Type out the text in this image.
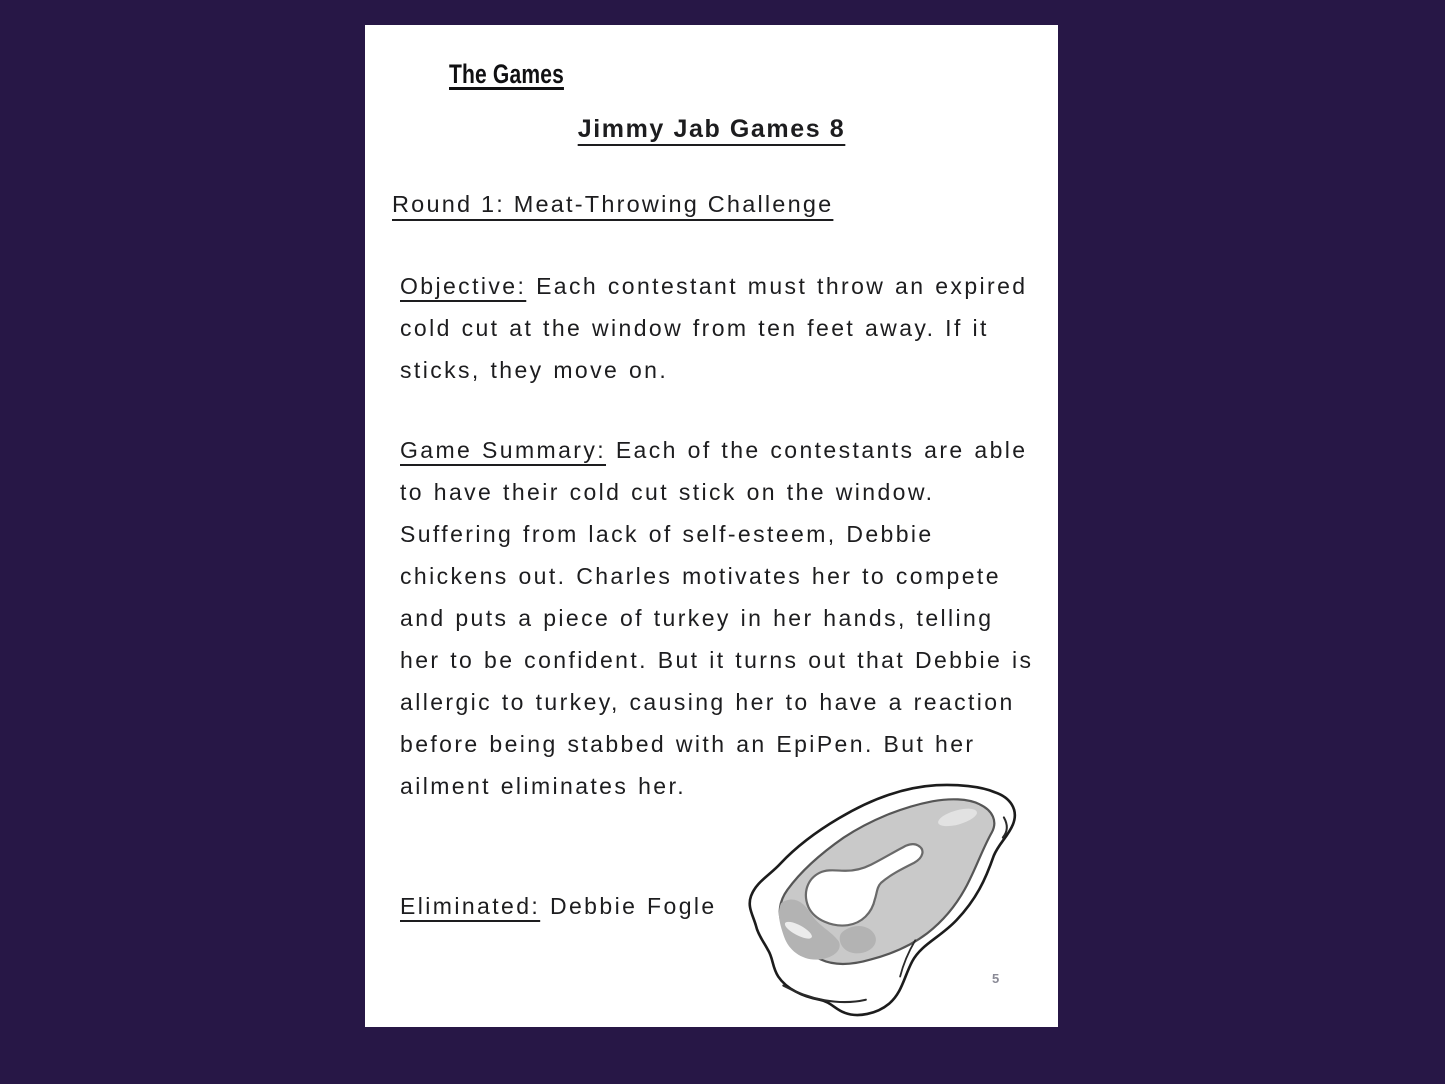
The Games
Jimmy Jab Games 8
Round 1: Meat-Throwing Challenge

Objective: Each contestant must throw an expired cold cut at the window from ten feet away. If it sticks, they move on.

Game Summary: Each of the contestants are able to have their cold cut stick on the window. Suffering from lack of self-esteem, Debbie chickens out. Charles motivates her to compete and puts a piece of turkey in her hands, telling her to be confident. But it turns out that Debbie is allergic to turkey, causing her to have a reaction before being stabbed with an EpiPen. But her ailment eliminates her.

Eliminated: Debbie Fogle

5
